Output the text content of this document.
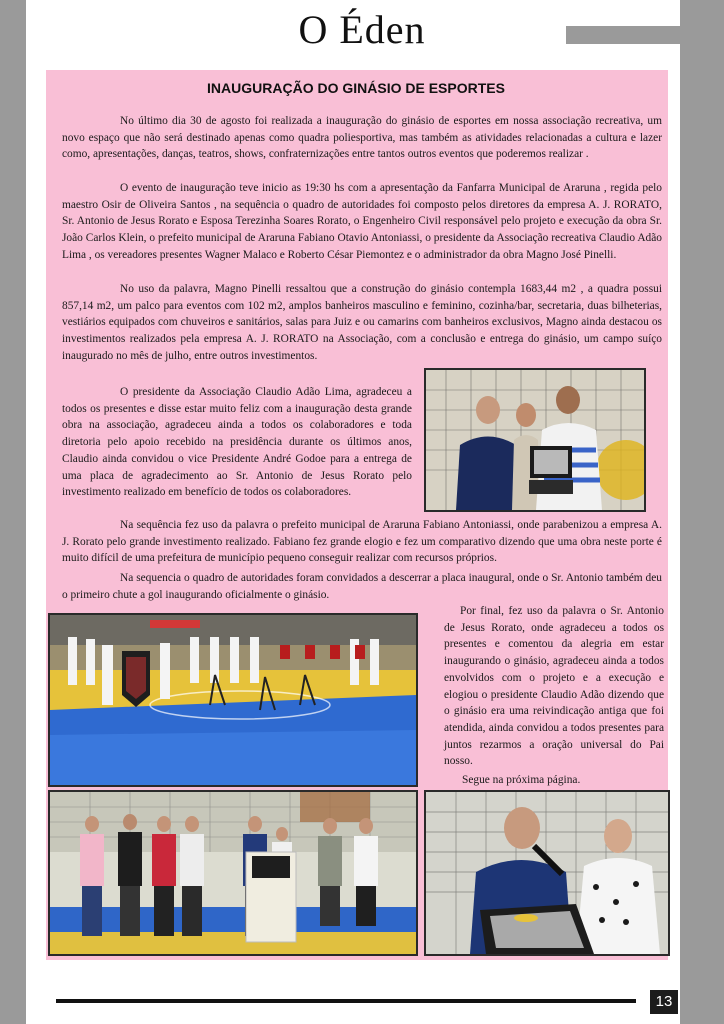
O Éden
INAUGURAÇÃO DO GINÁSIO DE ESPORTES
No último dia 30 de agosto foi realizada a inauguração do ginásio de esportes em nossa associação recreativa, um novo espaço que não será destinado apenas como quadra poliesportiva, mas também as atividades relacionadas a cultura e lazer como, apresentações, danças, teatros, shows, confraternizações entre tantos outros eventos que poderemos realizar .
O evento de inauguração teve inicio as 19:30 hs com a apresentação da Fanfarra Municipal de Araruna , regida pelo maestro Osir de Oliveira Santos , na sequência o quadro de autoridades foi composto pelos diretores da empresa A. J. RORATO, Sr. Antonio de Jesus Rorato e Esposa Terezinha Soares Rorato, o Engenheiro Civil responsável pelo projeto e execução da obra Sr. João Carlos Klein, o prefeito municipal de Araruna Fabiano Otavio Antoniassi, o presidente da Associação recreativa Claudio Adão Lima , os vereadores presentes Wagner Malaco e Roberto César Piemontez e o administrador da obra Magno José Pinelli.
No uso da palavra, Magno Pinelli ressaltou que a construção do ginásio contempla 1683,44 m2 , a quadra possui 857,14 m2, um palco para eventos com 102 m2, amplos banheiros masculino e feminino, cozinha/bar, secretaria, duas bilheterias, vestiários equipados com chuveiros e sanitários, salas para Juiz e ou camarins com banheiros exclusivos, Magno ainda destacou os investimentos realizados pela empresa A. J. RORATO na Associação, com a conclusão e entrega do ginásio, um campo suíço inaugurado no mês de julho, entre outros investimentos.
O presidente da Associação Claudio Adão Lima, agradeceu a todos os presentes e disse estar muito feliz com a inauguração desta grande obra na associação, agradeceu ainda a todos os colaboradores e toda diretoria pelo apoio recebido na presidência durante os últimos anos, Claudio ainda convidou o vice Presidente André Godoe para a entrega de uma placa de agradecimento ao Sr. Antonio de Jesus Rorato pelo investimento realizado em benefício de todos os colaboradores.
Na sequência fez uso da palavra o prefeito municipal de Araruna Fabiano Antoniassi, onde parabenizou a empresa A. J. Rorato pelo grande investimento realizado. Fabiano fez grande elogio e fez um comparativo dizendo que uma obra neste porte é muito difícil de uma prefeitura de município pequeno conseguir realizar com recursos próprios.
Na sequencia o quadro de autoridades foram convidados a descerrar a placa inaugural, onde o Sr. Antonio também deu o primeiro chute a gol inaugurando oficialmente o ginásio.
Por final, fez uso da palavra o Sr. Antonio de Jesus Rorato, onde agradeceu a todos os presentes e comentou da alegria em estar inaugurando o ginásio, agradeceu ainda a todos envolvidos com o projeto e a execução e elogiou o presidente Claudio Adão dizendo que o ginásio era uma reivindicação antiga que foi atendida, ainda convidou a todos presentes para juntos rezarmos a oração universal do Pai nosso.
Segue na próxima página.
13
